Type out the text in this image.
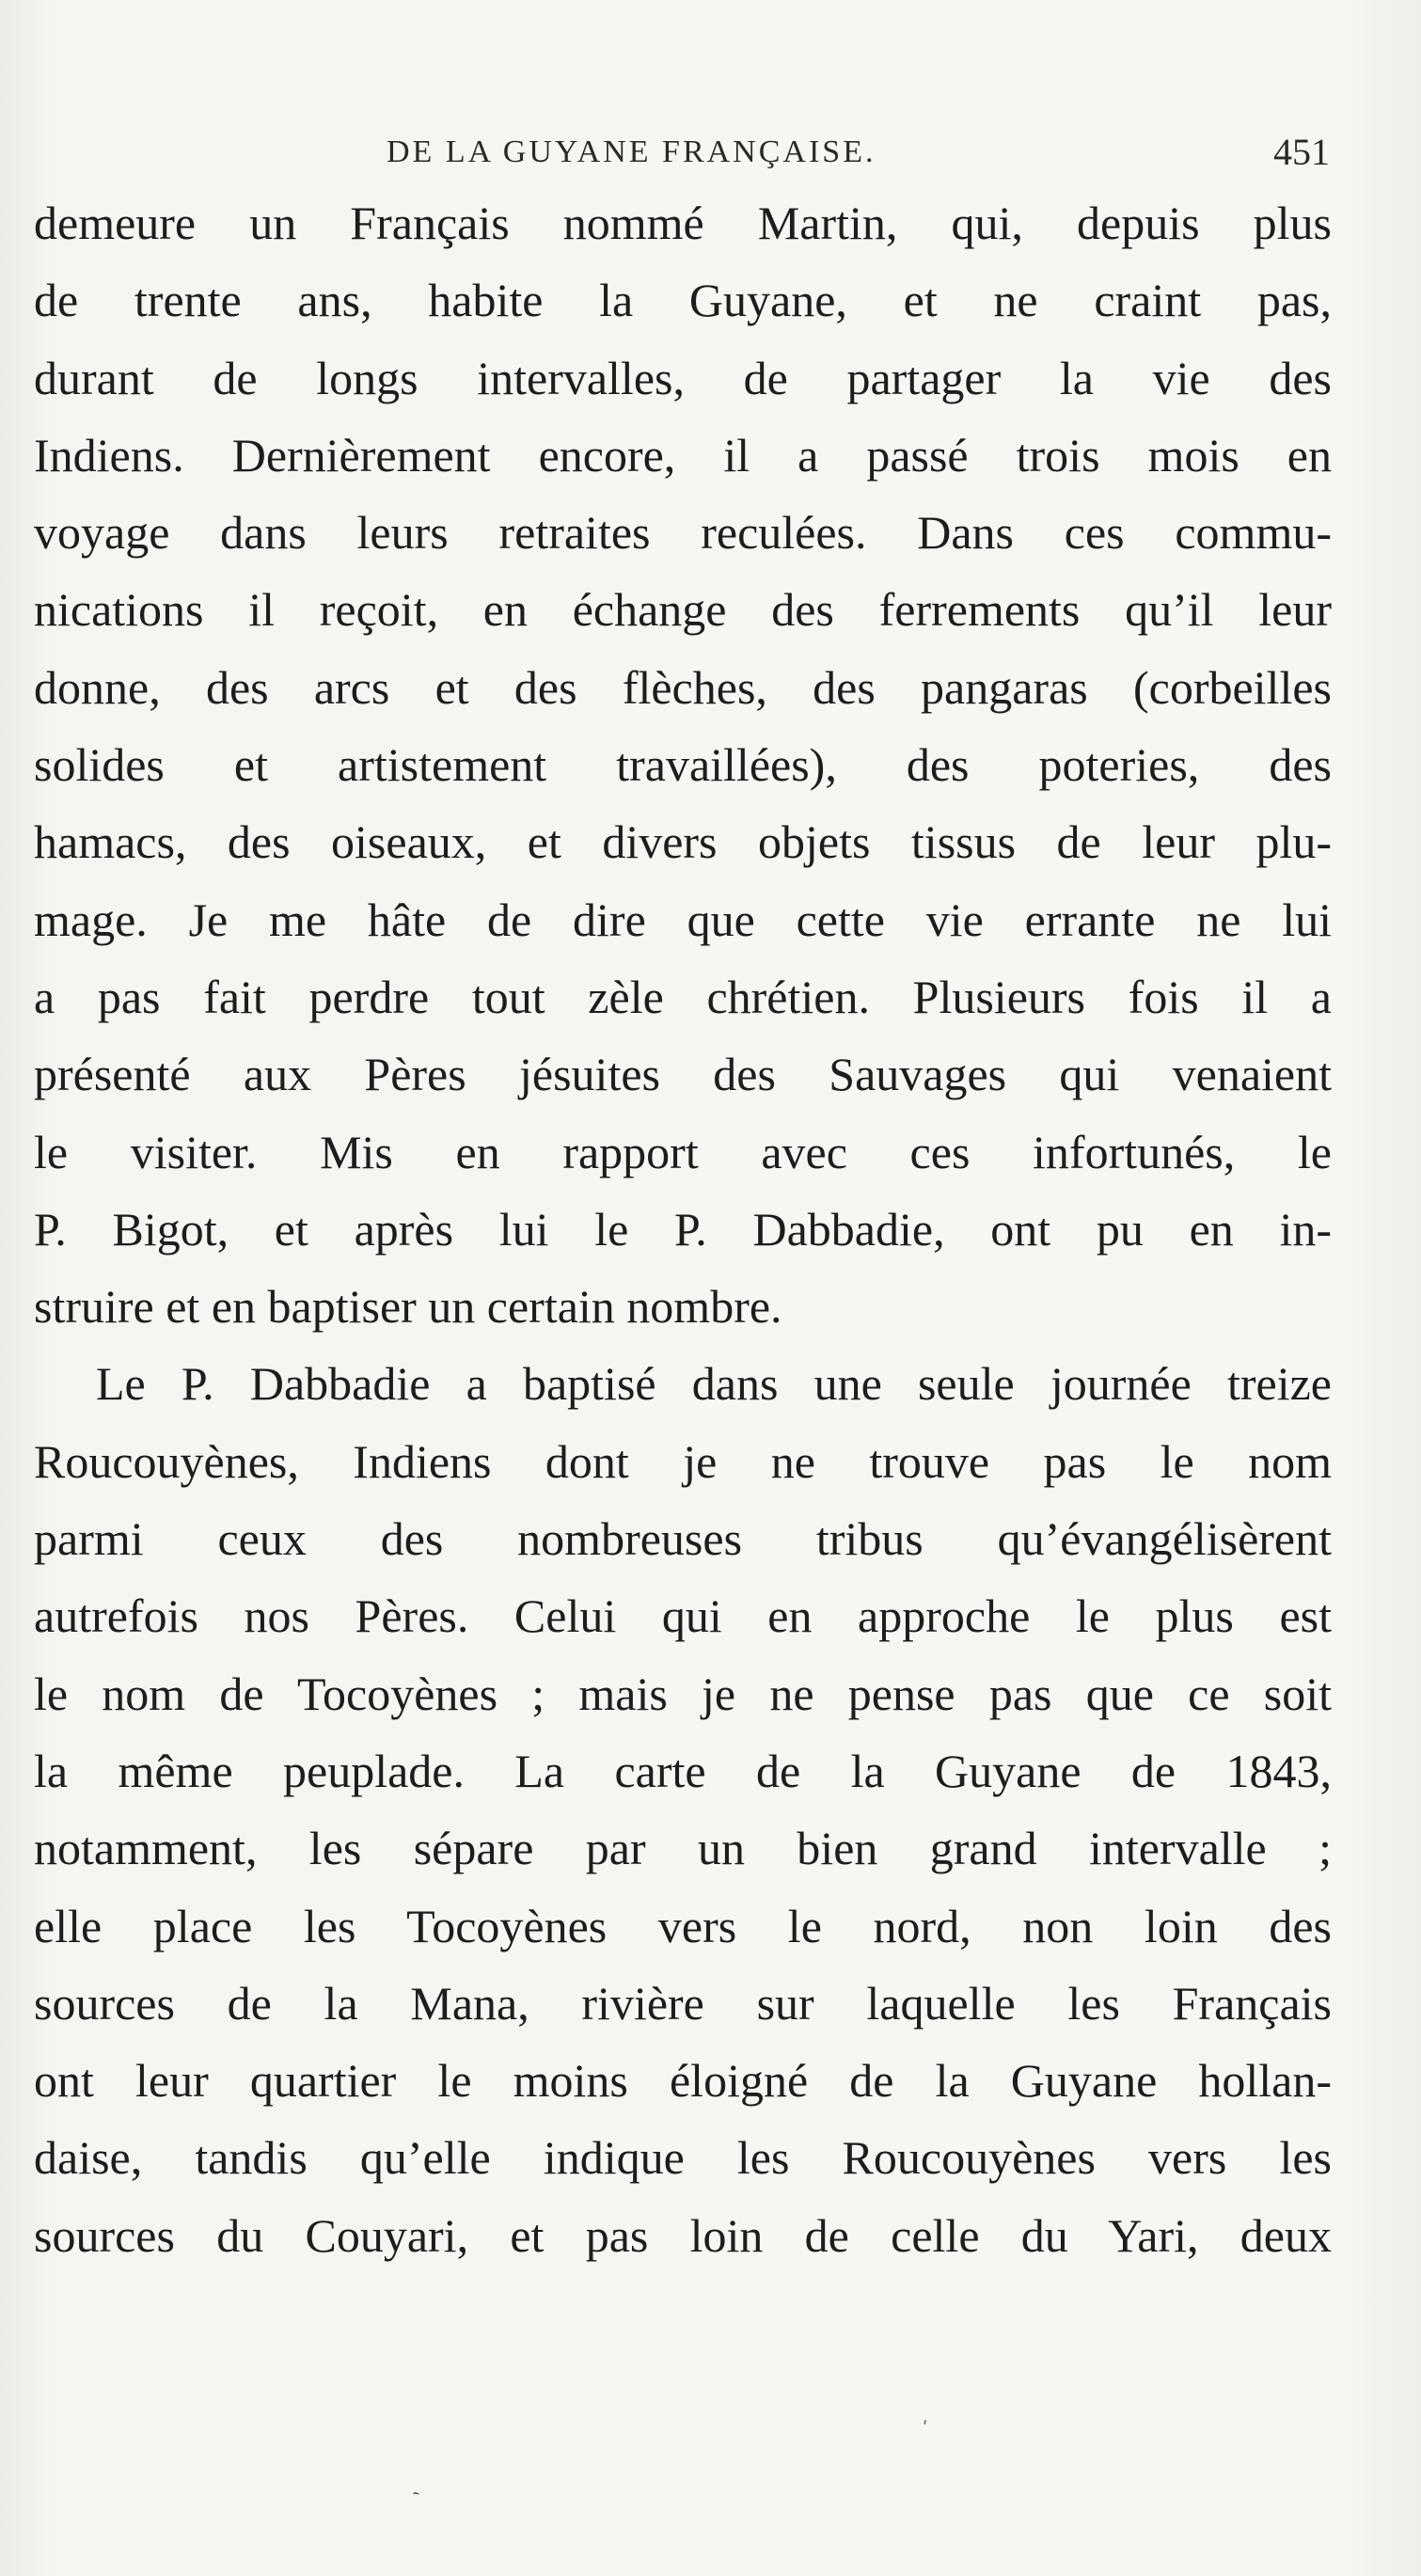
DE LA GUYANE FRANÇAISE.	451
demeure un Français nommé Martin, qui, depuis plus
de trente ans, habite la Guyane, et ne craint pas,
durant de longs intervalles, de partager la vie des
Indiens. Dernièrement encore, il a passé trois mois en
voyage dans leurs retraites reculées. Dans ces commu-
nications il reçoit, en échange des ferrements qu’il leur
donne, des arcs et des flèches, des pangaras (corbeilles
solides et artistement travaillées), des poteries, des
hamacs, des oiseaux, et divers objets tissus de leur plu-
mage. Je me hâte de dire que cette vie errante ne lui
a pas fait perdre tout zèle chrétien. Plusieurs fois il a
présenté aux Pères jésuites des Sauvages qui venaient
le visiter. Mis en rapport avec ces infortunés, le
P. Bigot, et après lui le P. Dabbadie, ont pu en in-
struire et en baptiser un certain nombre.
Le P. Dabbadie a baptisé dans une seule journée treize
Roucouyènes, Indiens dont je ne trouve pas le nom
parmi ceux des nombreuses tribus qu’évangélisèrent
autrefois nos Pères. Celui qui en approche le plus est
le nom de Tocoyènes ; mais je ne pense pas que ce soit
la même peuplade. La carte de la Guyane de 1843,
notamment, les sépare par un bien grand intervalle ;
elle place les Tocoyènes vers le nord, non loin des
sources de la Mana, rivière sur laquelle les Français
ont leur quartier le moins éloigné de la Guyane hollan-
daise, tandis qu’elle indique les Roucouyènes vers les
sources du Couyari, et pas loin de celle du Yari, deux
ˌ
ˏ
